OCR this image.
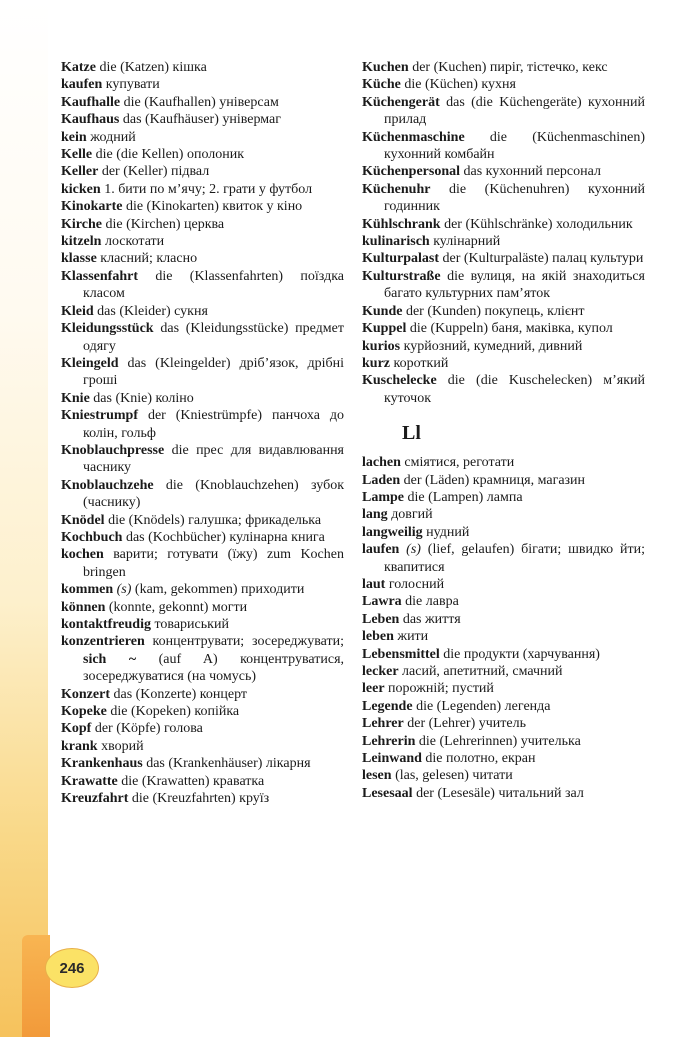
246
Katze die (Katzen) кішка
kaufen купувати
Kaufhalle die (Kaufhallen) універсам
Kaufhaus das (Kaufhäuser) універмаг
kein жодний
Kelle die (die Kellen) ополоник
Keller der (Keller) підвал
kicken 1. бити по м’ячу; 2. грати у футбол
Kinokarte die (Kinokarten) квиток у кіно
Kirche die (Kirchen) церква
kitzeln лоскотати
klasse класний; класно
Klassenfahrt die (Klassenfahrten) поїздка класом
Kleid das (Kleider) сукня
Kleidungsstück das (Kleidungsstücke) предмет одягу
Kleingeld das (Kleingelder) дріб’язок, дрібні гроші
Knie das (Knie) коліно
Kniestrumpf der (Kniestrümpfe) панчоха до колін, гольф
Knoblauchpresse die прес для видавлювання часнику
Knoblauchzehe die (Knoblauchzehen) зубок (часнику)
Knödel die (Knödels) галушка; фрикаделька
Kochbuch das (Kochbücher) кулінарна книга
kochen варити; готувати (їжу) zum Kochen bringen
kommen (s) (kam, gekommen) приходити
können (konnte, gekonnt) могти
kontaktfreudig товариський
konzentrieren концентрувати; зосереджувати; sich ~ (auf A) концентруватися, зосереджуватися (на чомусь)
Konzert das (Konzerte) концерт
Kopeke die (Kopeken) копійка
Kopf der (Köpfe) голова
krank хворий
Krankenhaus das (Krankenhäuser) лікарня
Krawatte die (Krawatten) краватка
Kreuzfahrt die (Kreuzfahrten) круїз
Kuchen der (Kuchen) пиріг, тістечко, кекс
Küche die (Küchen) кухня
Küchengerät das (die Küchengeräte) кухонний прилад
Küchenmaschine die (Küchenmaschinen) кухонний комбайн
Küchenpersonal das кухонний персонал
Küchenuhr die (Küchenuhren) кухонний годинник
Kühlschrank der (Kühlschränke) холодильник
kulinarisch кулінарний
Kulturpalast der (Kulturpaläste) палац культури
Kulturstraße die вулиця, на якій знаходиться багато культурних пам’яток
Kunde der (Kunden) покупець, клієнт
Kuppel die (Kuppeln) баня, маківка, купол
kurios курйозний, кумедний, дивний
kurz короткий
Kuschelecke die (die Kuschelecken) м’який куточок
Ll
lachen сміятися, реготати
Laden der (Läden) крамниця, магазин
Lampe die (Lampen) лампа
lang довгий
langweilig нудний
laufen (s) (lief, gelaufen) бігати; швидко йти; квапитися
laut голосний
Lawra die лавра
Leben das життя
leben жити
Lebensmittel die продукти (харчування)
lecker ласий, апетитний, смачний
leer порожній; пустий
Legende die (Legenden) легенда
Lehrer der (Lehrer) учитель
Lehrerin die (Lehrerinnen) учителька
Leinwand die полотно, екран
lesen (las, gelesen) читати
Lesesaal der (Lesesäle) читальний зал
